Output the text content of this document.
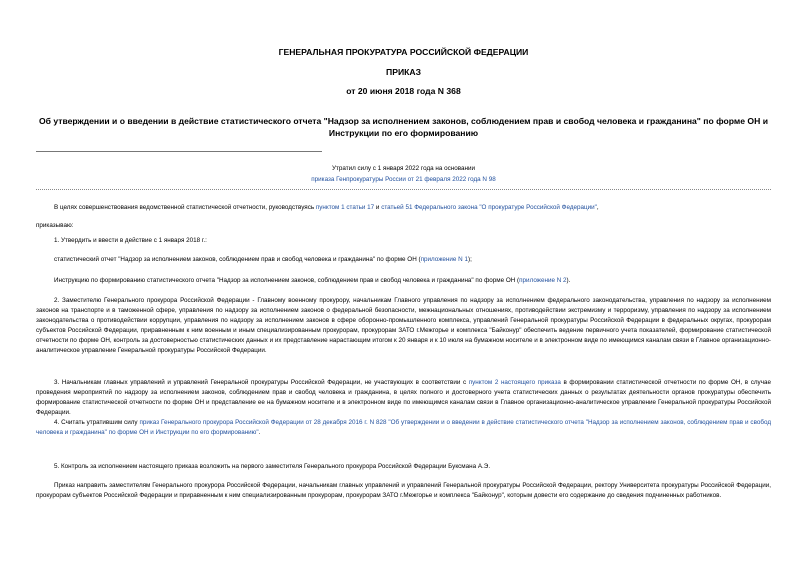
ГЕНЕРАЛЬНАЯ ПРОКУРАТУРА РОССИЙСКОЙ ФЕДЕРАЦИИ
ПРИКАЗ
от 20 июня 2018 года N 368
Об утверждении и о введении в действие статистического отчета "Надзор за исполнением законов, соблюдением прав и свобод человека и гражданина" по форме ОН и Инструкции по его формированию
Утратил силу с 1 января 2022 года на основании
приказа Генпрокуратуры России от 21 февраля 2022 года N 98
В целях совершенствования ведомственной статистической отчетности, руководствуясь пунктом 1 статьи 17 и статьей 51 Федерального закона "О прокуратуре Российской Федерации",
приказываю:
1. Утвердить и ввести в действие с 1 января 2018 г.:
статистический отчет "Надзор за исполнением законов, соблюдением прав и свобод человека и гражданина" по форме ОН (приложение N 1);
Инструкцию по формированию статистического отчета "Надзор за исполнением законов, соблюдением прав и свобод человека и гражданина" по форме ОН (приложение N 2).
2. Заместителю Генерального прокурора Российской Федерации - Главному военному прокурору, начальникам Главного управления по надзору за исполнением федерального законодательства, управления по надзору за исполнением законов на транспорте и в таможенной сфере, управления по надзору за исполнением законов о федеральной безопасности, межнациональных отношениях, противодействии экстремизму и терроризму, управления по надзору за исполнением законодательства о противодействии коррупции, управления по надзору за исполнением законов в сфере оборонно-промышленного комплекса, управлений Генеральной прокуратуры Российской Федерации в федеральных округах, прокурорам субъектов Российской Федерации, приравненным к ним военным и иным специализированным прокурорам, прокурорам ЗАТО г.Межгорье и комплекса "Байконур" обеспечить ведение первичного учета показателей, формирование статистической отчетности по форме ОН, контроль за достоверностью статистических данных и их представление нарастающим итогом к 20 января и к 10 июля на бумажном носителе и в электронном виде по имеющимся каналам связи в Главное организационно-аналитическое управление Генеральной прокуратуры Российской Федерации.
3. Начальникам главных управлений и управлений Генеральной прокуратуры Российской Федерации, не участвующих в соответствии с пунктом 2 настоящего приказа в формировании статистической отчетности по форме ОН, в случае проведения мероприятий по надзору за исполнением законов, соблюдением прав и свобод человека и гражданина, в целях полного и достоверного учета статистических данных о результатах деятельности органов прокуратуры обеспечить формирование статистической отчетности по форме ОН и представление ее на бумажном носителе и в электронном виде по имеющимся каналам связи в Главное организационно-аналитическое управление Генеральной прокуратуры Российской Федерации.
4. Считать утратившим силу приказ Генерального прокурора Российской Федерации от 28 декабря 2016 г. N 828 "Об утверждении и о введении в действие статистического отчета "Надзор за исполнением законов, соблюдением прав и свобод человека и гражданина" по форме ОН и Инструкции по его формированию".
5. Контроль за исполнением настоящего приказа возложить на первого заместителя Генерального прокурора Российской Федерации Буксмана А.Э.
Приказ направить заместителям Генерального прокурора Российской Федерации, начальникам главных управлений и управлений Генеральной прокуратуры Российской Федерации, ректору Университета прокуратуры Российской Федерации, прокурорам субъектов Российской Федерации и приравненным к ним специализированным прокурорам, прокурорам ЗАТО г.Межгорье и комплекса "Байконур", которым довести его содержание до сведения подчиненных работников.
